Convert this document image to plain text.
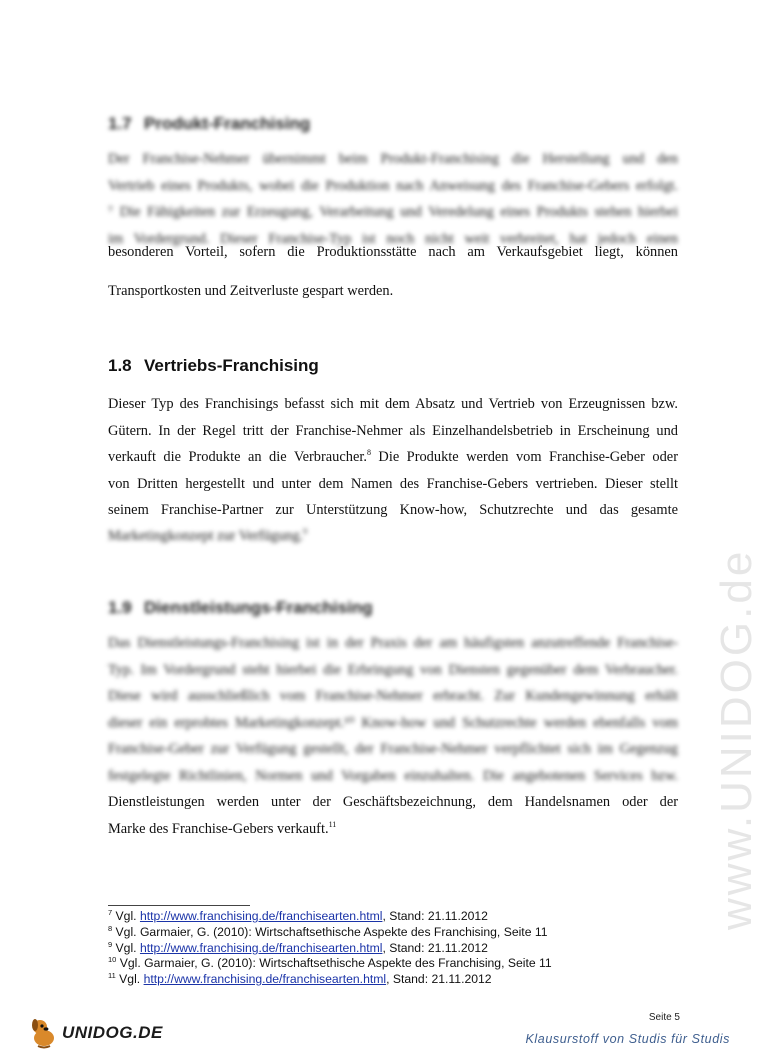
www.UNIDOG.de
1.7 Produkt-Franchising
Der Franchise-Nehmer übernimmt beim Produkt-Franchising die Herstellung und den
Vertrieb eines Produkts, wobei die Produktion nach Anweisung des Franchise-Gebers erfolgt.
⁷ Die Fähigkeiten zur Erzeugung, Verarbeitung und Veredelung eines Produkts stehen hierbei
im Vordergrund. Dieser Franchise-Typ ist noch nicht weit verbreitet, hat jedoch einen
besonderen Vorteil, sofern die Produktionsstätte nach am Verkaufsgebiet liegt, können
Transportkosten und Zeitverluste gespart werden.
1.8 Vertriebs-Franchising
Dieser Typ des Franchisings befasst sich mit dem Absatz und Vertrieb von Erzeugnissen bzw.
Gütern. In der Regel tritt der Franchise-Nehmer als Einzelhandelsbetrieb in Erscheinung und
verkauft die Produkte an die Verbraucher.$^8$ Die Produkte werden vom Franchise-Geber oder
von Dritten hergestellt und unter dem Namen des Franchise-Gebers vertrieben. Dieser stellt
seinem Franchise-Partner zur Unterstützung Know-how, Schutzrechte und das gesamte
Marketingkonzept zur Verfügung.$^9$
1.9 Dienstleistungs-Franchising
Das Dienstleistungs-Franchising ist in der Praxis der am häufigsten anzutreffende Franchise-
Typ. Im Vordergrund steht hierbei die Erbringung von Diensten gegenüber dem Verbraucher.
Diese wird ausschließlich vom Franchise-Nehmer erbracht. Zur Kundengewinnung erhält
dieser ein erprobtes Marketingkonzept.¹⁰ Know-how und Schutzrechte werden ebenfalls vom
Franchise-Geber zur Verfügung gestellt, der Franchise-Nehmer verpflichtet sich im Gegenzug
festgelegte Richtlinien, Normen und Vorgaben einzuhalten. Die angebotenen Services bzw.
Dienstleistungen werden unter der Geschäftsbezeichnung, dem Handelsnamen oder der
Marke des Franchise-Gebers verkauft.$^{11}$
$^7$ Vgl. http://www.franchising.de/franchisearten.html, Stand: 21.11.2012
$^8$ Vgl. Garmaier, G. (2010): Wirtschaftsethische Aspekte des Franchising, Seite 11
$^9$ Vgl. http://www.franchising.de/franchisearten.html, Stand: 21.11.2012
$^{10}$ Vgl. Garmaier, G. (2010): Wirtschaftsethische Aspekte des Franchising, Seite 11
$^{11}$ Vgl. http://www.franchising.de/franchisearten.html, Stand: 21.11.2012
Seite 5
UNIDOG.DE	Klausurstoff von Studis für Studis
